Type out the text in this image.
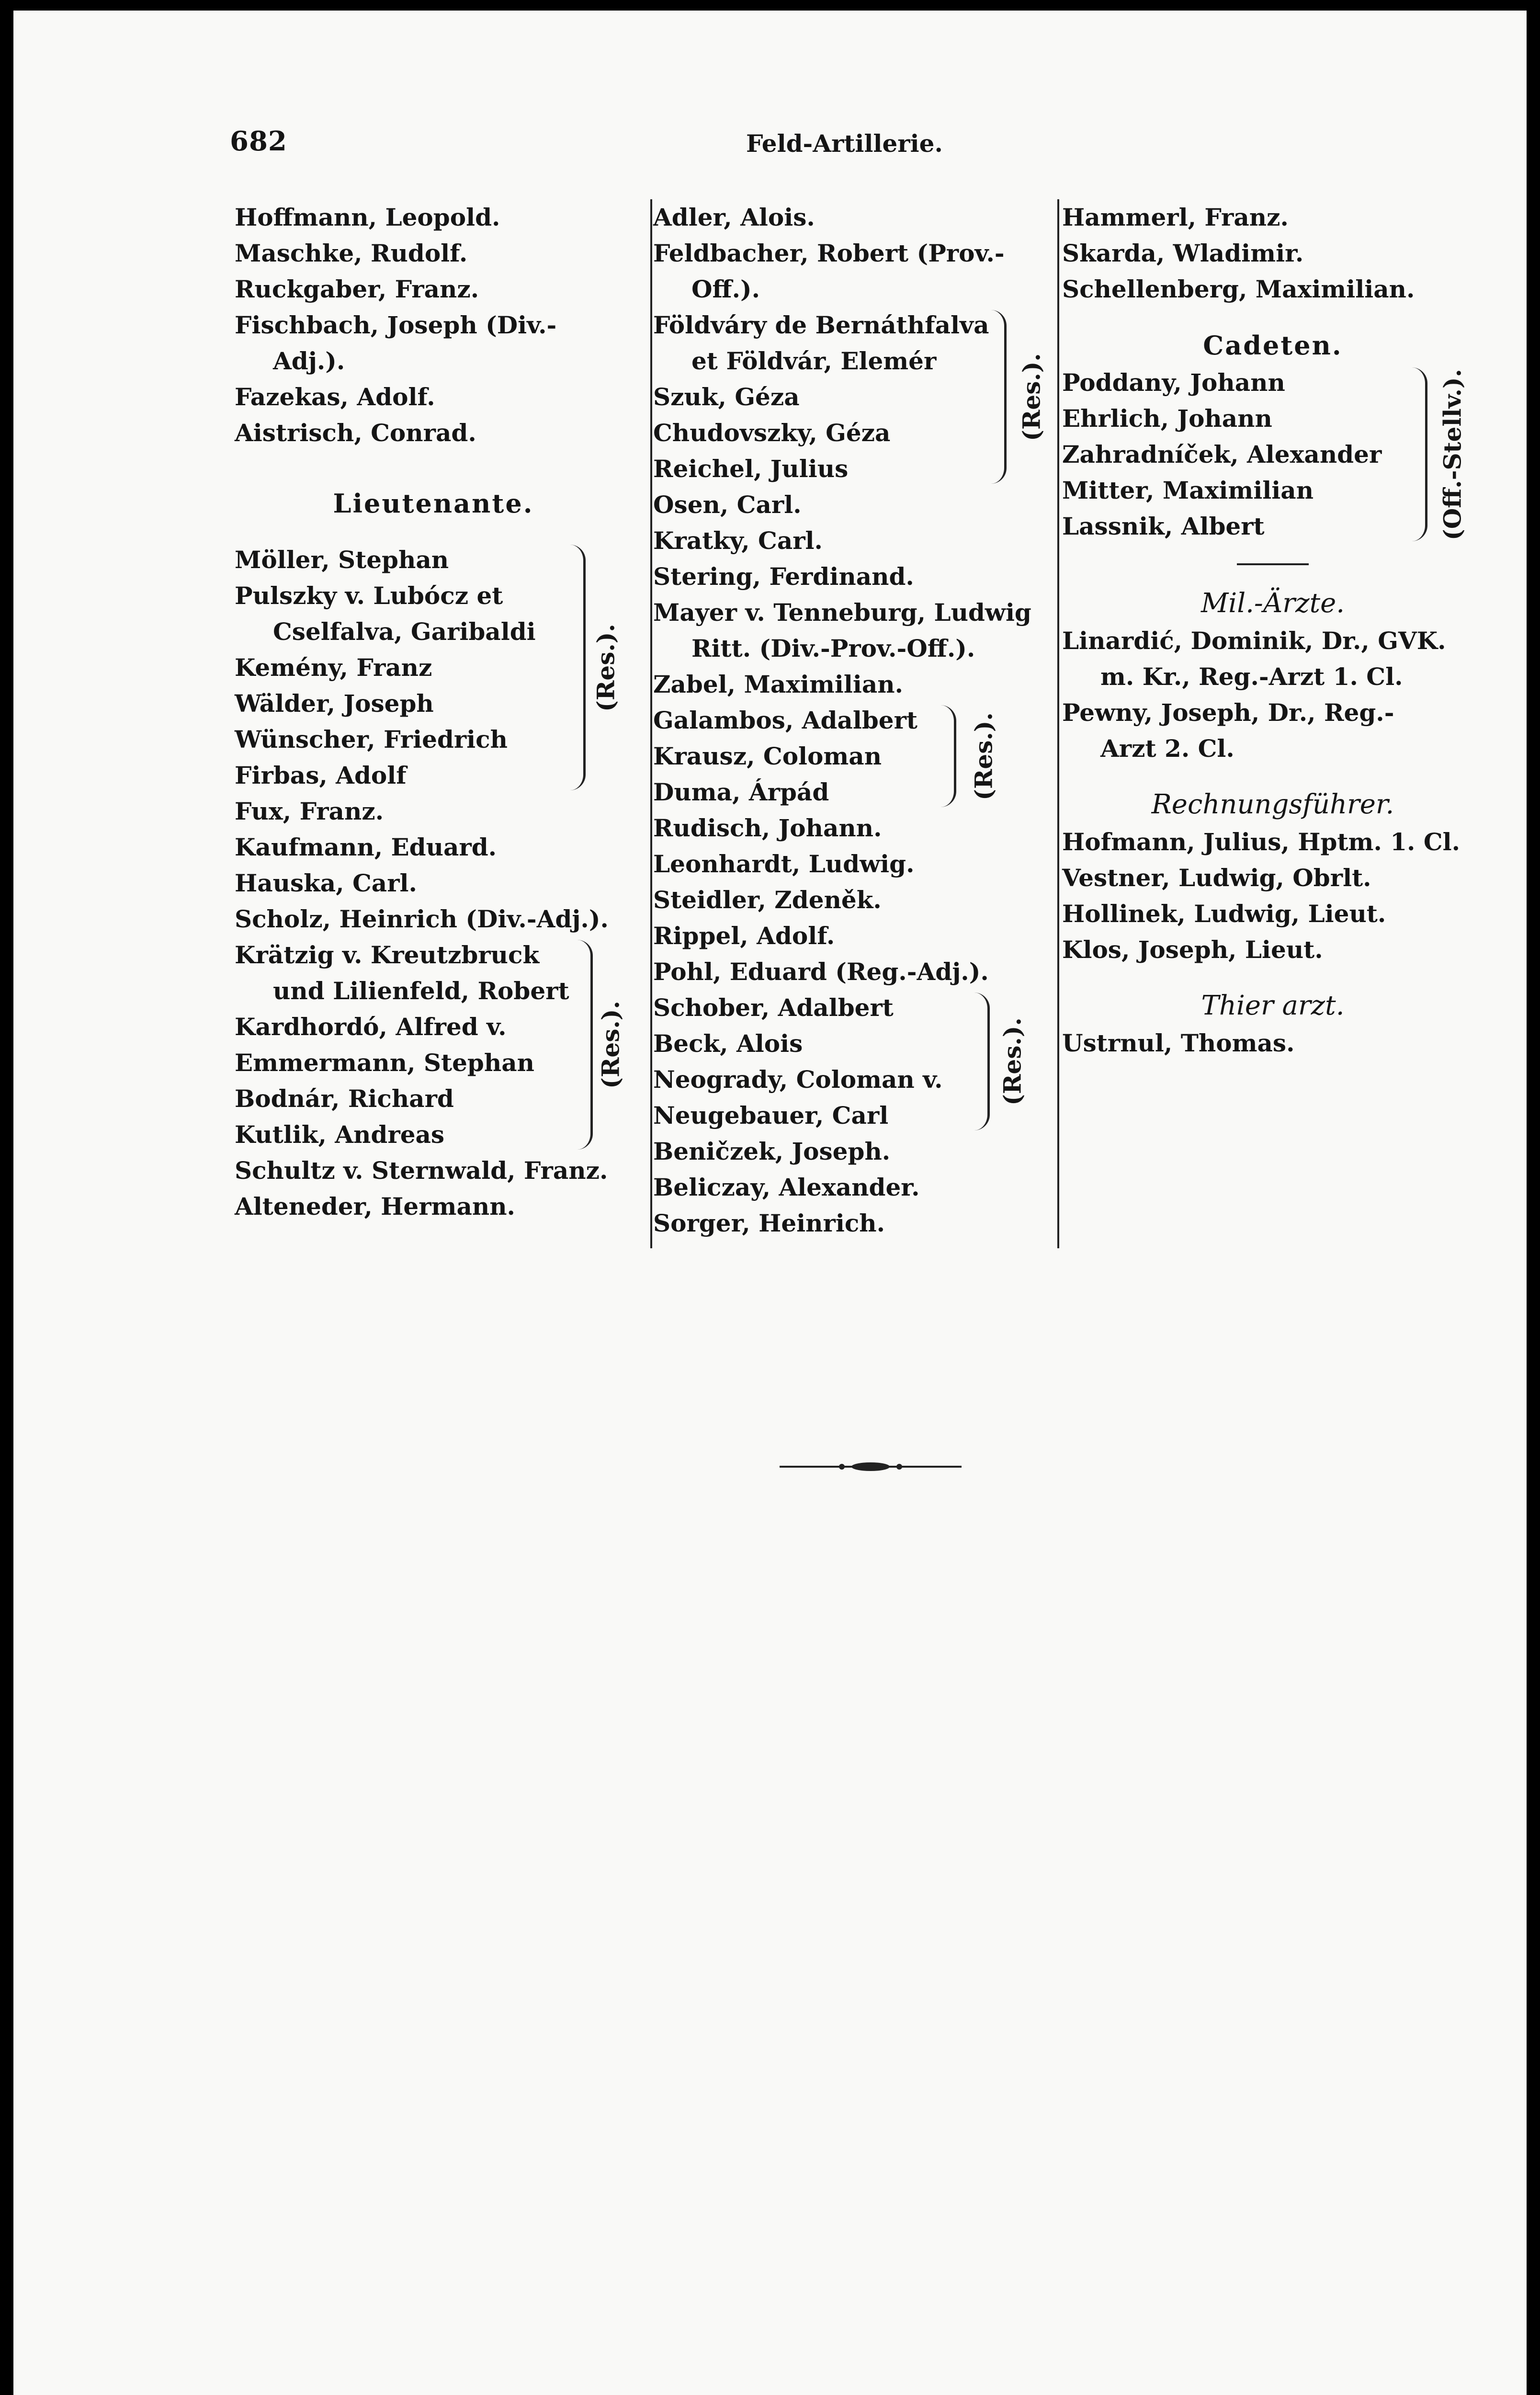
682	Feld-Artillerie.
Hoffmann, Leopold.
Maschke, Rudolf.
Ruckgaber, Franz.
Fischbach, Joseph (Div.-
Adj.).
Fazekas, Adolf.
Aistrisch, Conrad.
Lieutenante.
Möller, Stephan
Pulszky v. Lubócz et
Cselfalva, Garibaldi
Kemény, Franz
Wälder, Joseph
Wünscher, Friedrich
Firbas, Adolf
(Res.).
Fux, Franz.
Kaufmann, Eduard.
Hauska, Carl.
Scholz, Heinrich (Div.-Adj.).
Krätzig v. Kreutzbruck
und Lilienfeld, Robert
Kardhordó, Alfred v.
Emmermann, Stephan
Bodnár, Richard
Kutlik, Andreas
(Res.).
Schultz v. Sternwald, Franz.
Alteneder, Hermann.
Adler, Alois.
Feldbacher, Robert (Prov.-
Off.).
Földváry de Bernáthfalva
et Földvár, Elemér
Szuk, Géza
Chudovszky, Géza
Reichel, Julius
(Res.).
Osen, Carl.
Kratky, Carl.
Stering, Ferdinand.
Mayer v. Tenneburg, Ludwig
Ritt. (Div.-Prov.-Off.).
Zabel, Maximilian.
Galambos, Adalbert
Krausz, Coloman
Duma, Árpád	(Res.).
Rudisch, Johann.
Leonhardt, Ludwig.
Steidler, Zdeněk.
Rippel, Adolf.
Pohl, Eduard (Reg.-Adj.).
Schober, Adalbert
Beck, Alois
Neogrady, Coloman v.
Neugebauer, Carl
(Res.).
Beničzek, Joseph.
Beliczay, Alexander.
Sorger, Heinrich.
Hammerl, Franz.
Skarda, Wladimir.
Schellenberg, Maximilian.
Cadeten.
Poddany, Johann
Ehrlich, Johann
Zahradníček, Alexander
Mitter, Maximilian
Lassnik, Albert	(Off.-Stellv.).
Mil.-Ärzte.
Linardić, Dominik, Dr., GVK.
m. Kr., Reg.-Arzt 1. Cl.
Pewny, Joseph, Dr., Reg.-
Arzt 2. Cl.
Rechnungsführer.
Hofmann, Julius, Hptm. 1. Cl.
Vestner, Ludwig, Obrlt.
Hollinek, Ludwig, Lieut.
Klos, Joseph, Lieut.
Thier arzt.
Ustrnul, Thomas.
